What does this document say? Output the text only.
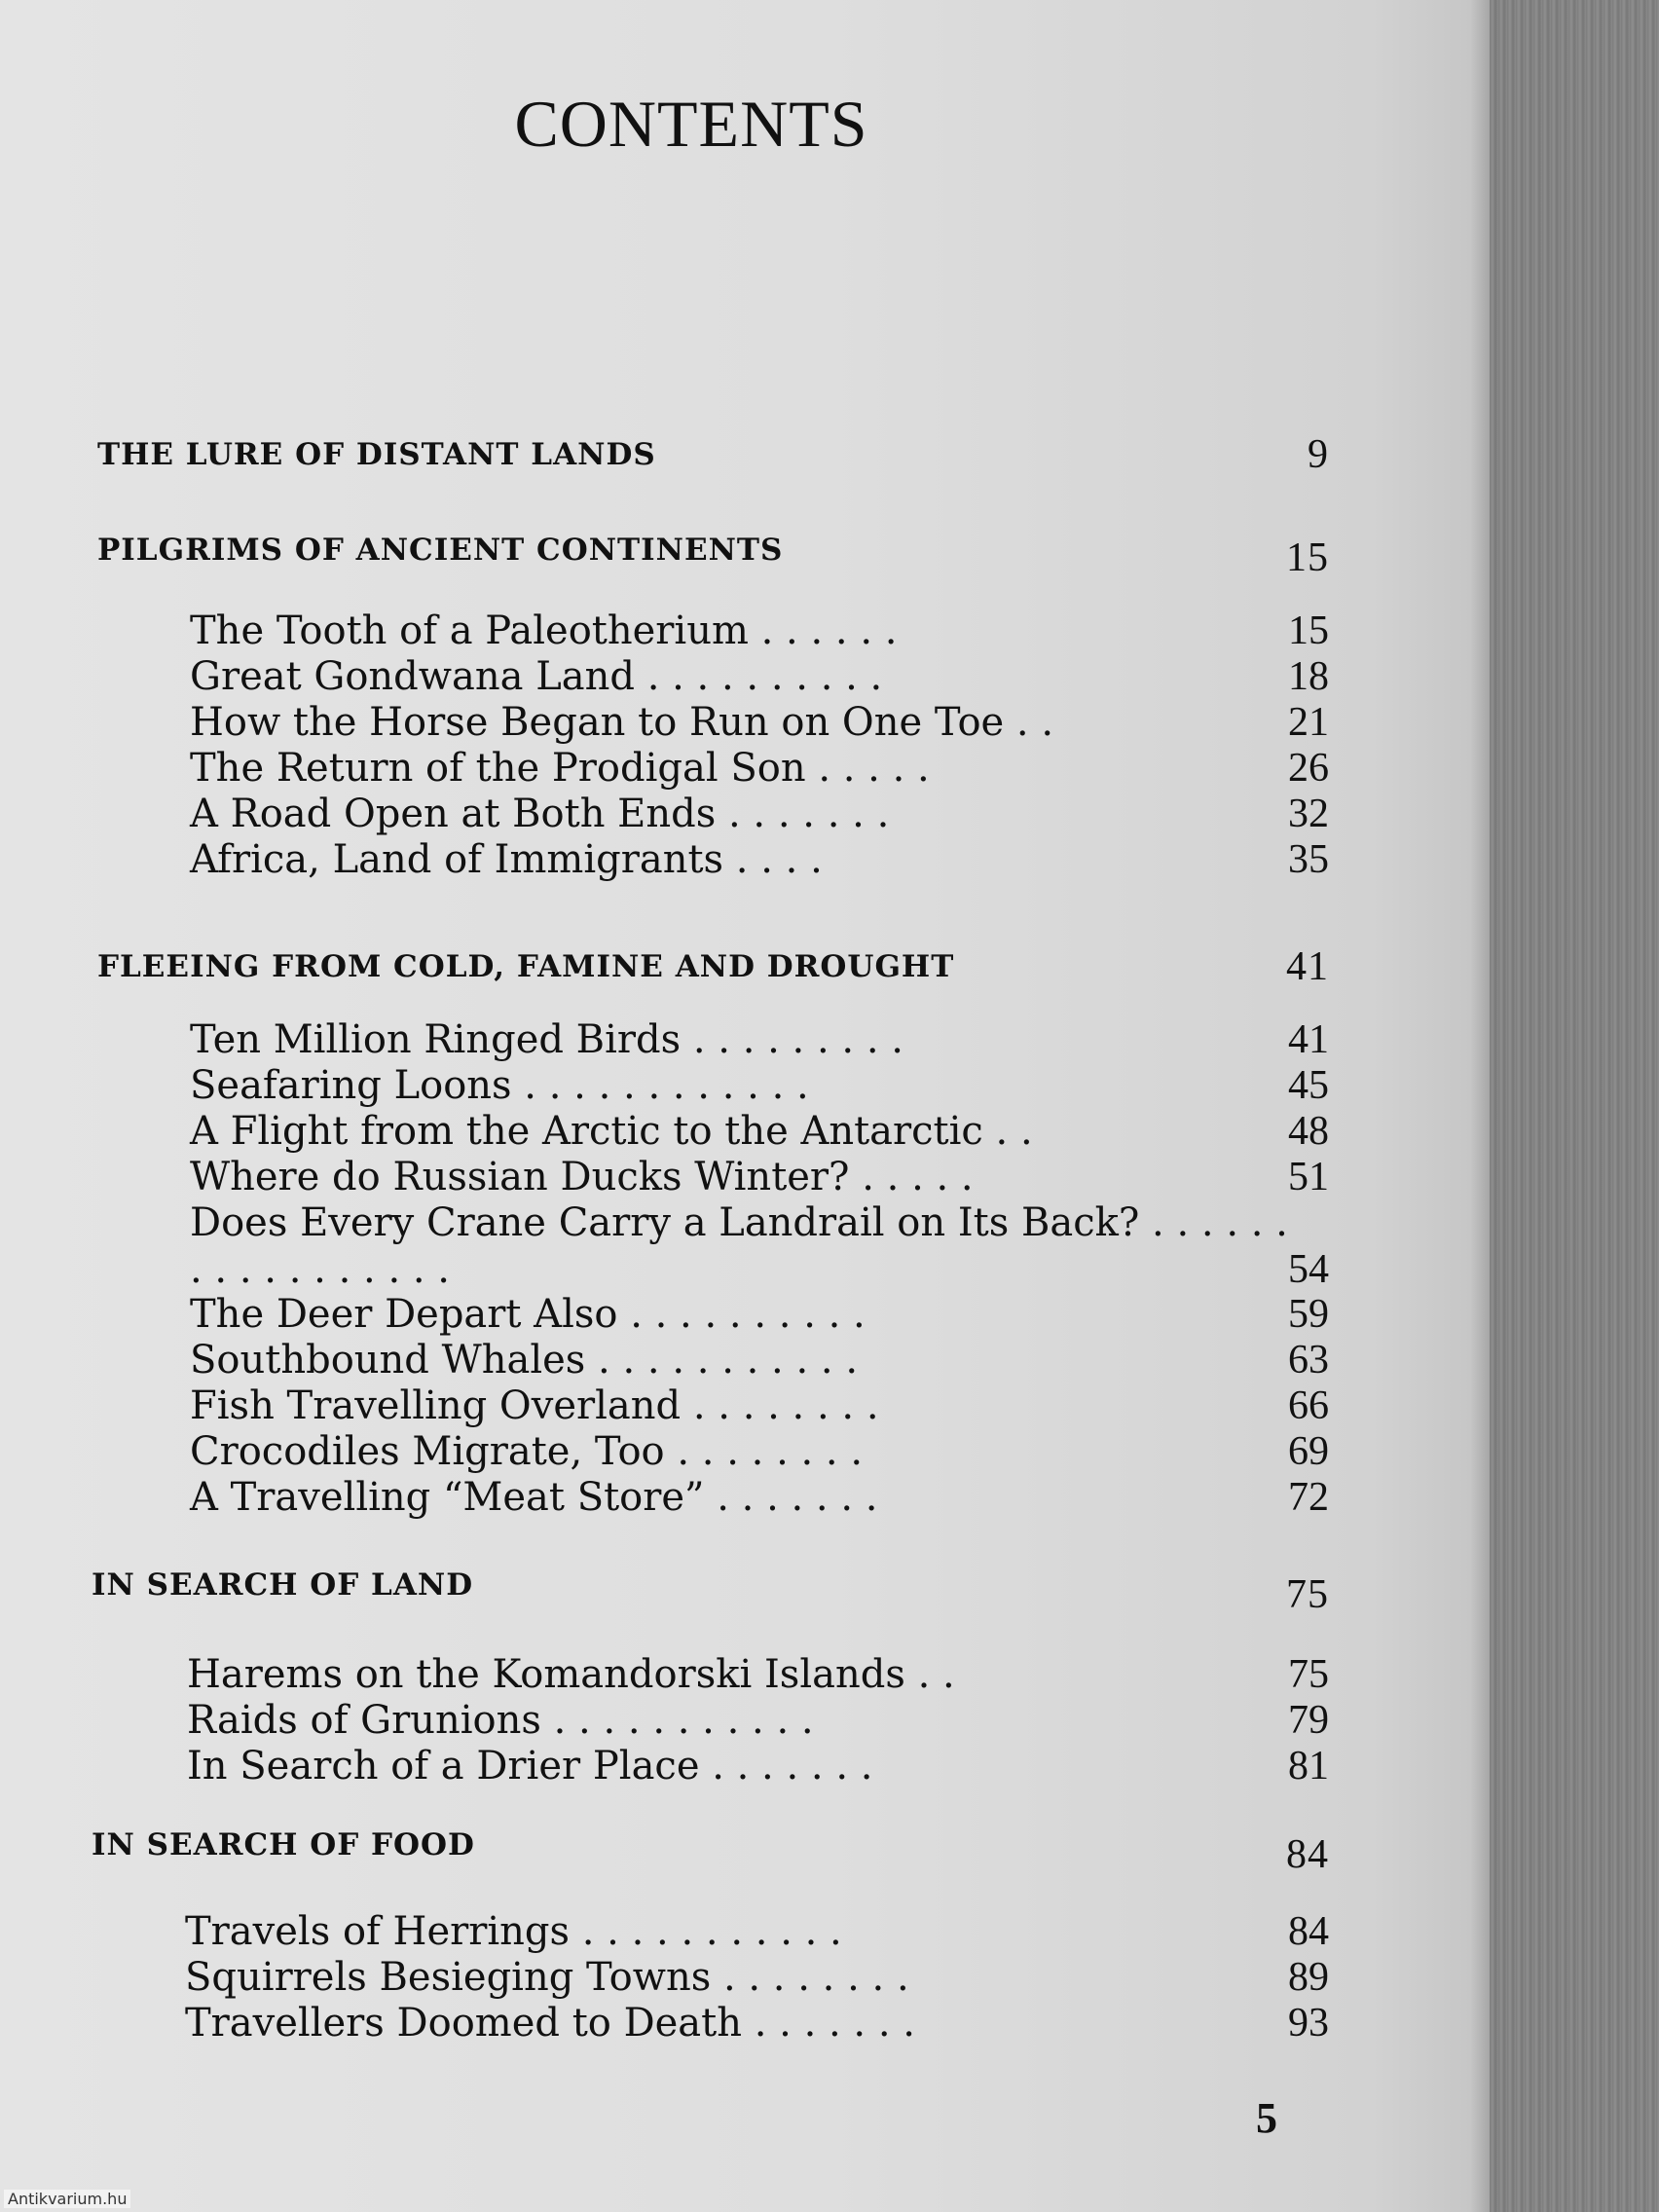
CONTENTS
THE LURE OF DISTANT LANDS	9
PILGRIMS OF ANCIENT CONTINENTS	15
The Tooth of a Paleotherium . . . . . .	15
Great Gondwana Land . . . . . . . . . .	18
How the Horse Began to Run on One Toe . .	21
The Return of the Prodigal Son . . . . .	26
A Road Open at Both Ends . . . . . . .	32
Africa, Land of Immigrants . . . .	35
FLEEING FROM COLD, FAMINE AND DROUGHT	41
Ten Million Ringed Birds . . . . . . . . .	41
Seafaring Loons . . . . . . . . . . . .	45
A Flight from the Arctic to the Antarctic . .	48
Where do Russian Ducks Winter? . . . . .	51
Does Every Crane Carry a Landrail on Its Back? . . . . . . . . . . . . . . . . .	54
The Deer Depart Also . . . . . . . . . .	59
Southbound Whales . . . . . . . . . . .	63
Fish Travelling Overland . . . . . . . .	66
Crocodiles Migrate, Too . . . . . . . .	69
A Travelling “Meat Store” . . . . . . .	72
IN SEARCH OF LAND	75
Harems on the Komandorski Islands . .	75
Raids of Grunions . . . . . . . . . . .	79
In Search of a Drier Place . . . . . . .	81
IN SEARCH OF FOOD	84
Travels of Herrings . . . . . . . . . . .	84
Squirrels Besieging Towns . . . . . . . .	89
Travellers Doomed to Death . . . . . . .	93
5
Antikvarium.hu
